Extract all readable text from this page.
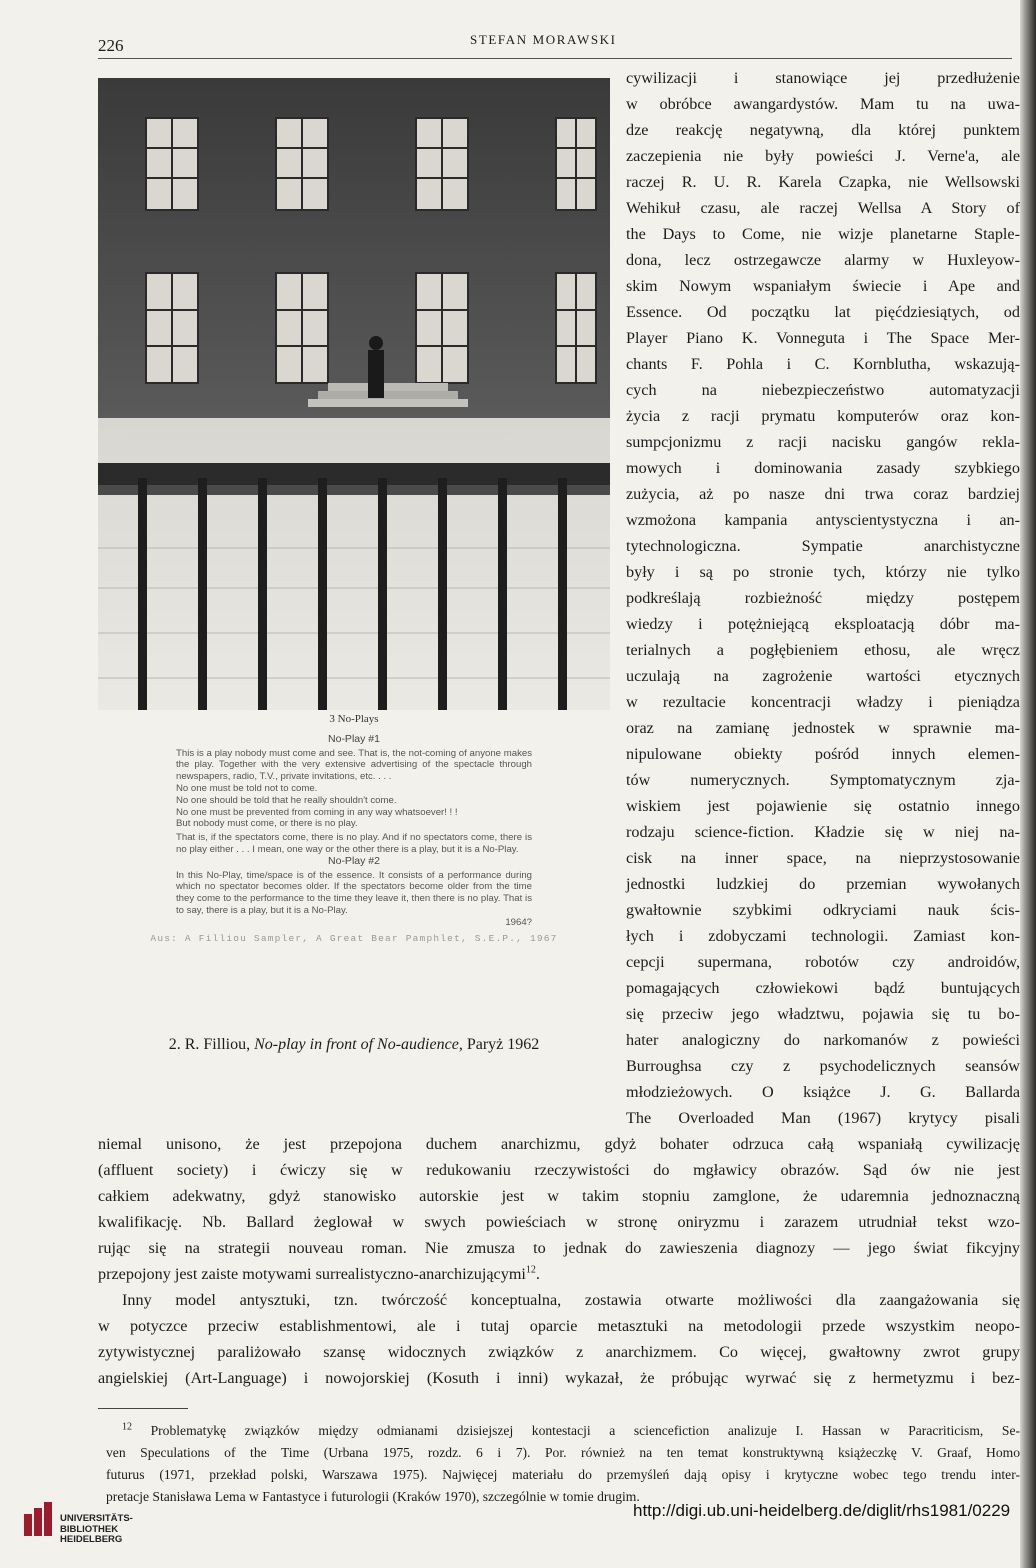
226	STEFAN MORAWSKI
3 No-Plays
No-Play #1
This is a play nobody must come and see. That is, the not-coming of anyone makes the play. Together with the very extensive advertising of the spectacle through newspapers, radio, T.V., private invitations, etc. . . .
No one must be told not to come.
No one should be told that he really shouldn't come.
No one must be prevented from coming in any way whatsoever! ! !
But nobody must come, or there is no play.
That is, if the spectators come, there is no play. And if no spectators come, there is no play either . . . I mean, one way or the other there is a play, but it is a No-Play.
No-Play #2
In this No-Play, time/space is of the essence. It consists of a performance during which no spectator becomes older. If the spectators become older from the time they come to the performance to the time they leave it, then there is no play. That is to say, there is a play, but it is a No-Play.
1964?
Aus: A Filliou Sampler, A Great Bear Pamphlet, S.E.P., 1967
2. R. Filliou, No-play in front of No-audience, Paryż 1962
cywilizacji i stanowiące jej przedłużenie
w obróbce awangardystów. Mam tu na uwa-
dze reakcję negatywną, dla której punktem
zaczepienia nie były powieści J. Verne'a, ale
raczej R. U. R. Karela Czapka, nie Wellsowski
Wehikuł czasu, ale raczej Wellsa A Story of
the Days to Come, nie wizje planetarne Staple-
dona, lecz ostrzegawcze alarmy w Huxleyow-
skim Nowym wspaniałym świecie i Ape and
Essence. Od początku lat pięćdziesiątych, od
Player Piano K. Vonneguta i The Space Mer-
chants F. Pohla i C. Kornblutha, wskazują-
cych na niebezpieczeństwo automatyzacji
życia z racji prymatu komputerów oraz kon-
sumpcjonizmu z racji nacisku gangów rekla-
mowych i dominowania zasady szybkiego
zużycia, aż po nasze dni trwa coraz bardziej
wzmożona kampania antyscientystyczna i an-
tytechnologiczna. Sympatie anarchistyczne
były i są po stronie tych, którzy nie tylko
podkreślają rozbieżność między postępem
wiedzy i potężniejącą eksploatacją dóbr ma-
terialnych a pogłębieniem ethosu, ale wręcz
uczulają na zagrożenie wartości etycznych
w rezultacie koncentracji władzy i pieniądza
oraz na zamianę jednostek w sprawnie ma-
nipulowane obiekty pośród innych elemen-
tów numerycznych. Symptomatycznym zja-
wiskiem jest pojawienie się ostatnio innego
rodzaju science-fiction. Kładzie się w niej na-
cisk na inner space, na nieprzystosowanie
jednostki ludzkiej do przemian wywołanych
gwałtownie szybkimi odkryciami nauk ścis-
łych i zdobyczami technologii. Zamiast kon-
cepcji supermana, robotów czy androidów,
pomagających człowiekowi bądź buntujących
się przeciw jego władztwu, pojawia się tu bo-
hater analogiczny do narkomanów z powieści
Burroughsa czy z psychodelicznych seansów
młodzieżowych. O książce J. G. Ballarda
The Overloaded Man (1967) krytycy pisali
niemal unisono, że jest przepojona duchem anarchizmu, gdyż bohater odrzuca całą wspaniałą cywilizację
(affluent society) i ćwiczy się w redukowaniu rzeczywistości do mgławicy obrazów. Sąd ów nie jest
całkiem adekwatny, gdyż stanowisko autorskie jest w takim stopniu zamglone, że udaremnia jednoznaczną
kwalifikację. Nb. Ballard żeglował w swych powieściach w stronę oniryzmu i zarazem utrudniał tekst wzo-
rując się na strategii nouveau roman. Nie zmusza to jednak do zawieszenia diagnozy — jego świat fikcyjny
przepojony jest zaiste motywami surrealistyczno-anarchizującymi$^{12}$.
Inny model antysztuki, tzn. twórczość konceptualna, zostawia otwarte możliwości dla zaangażowania się
w potyczce przeciw establishmentowi, ale i tutaj oparcie metasztuki na metodologii przede wszystkim neopo-
zytywistycznej paraliżowało szansę widocznych związków z anarchizmem. Co więcej, gwałtowny zwrot grupy
angielskiej (Art-Language) i nowojorskiej (Kosuth i inni) wykazał, że próbując wyrwać się z hermetyzmu i bez-
$^{12}$ Problematykę związków między odmianami dzisiejszej kontestacji a sciencefiction analizuje I. Hassan w Paracriticism, Se-
ven Speculations of the Time (Urbana 1975, rozdz. 6 i 7). Por. również na ten temat konstruktywną książeczkę V. Graaf, Homo
futurus (1971, przekład polski, Warszawa 1975). Najwięcej materiału do przemyśleń dają opisy i krytyczne wobec tego trendu inter-
pretacje Stanisława Lema w Fantastyce i futurologii (Kraków 1970), szczególnie w tomie drugim.
UNIVERSITÄTS-
BIBLIOTHEK
HEIDELBERG
http://digi.ub.uni-heidelberg.de/diglit/rhs1981/0229
